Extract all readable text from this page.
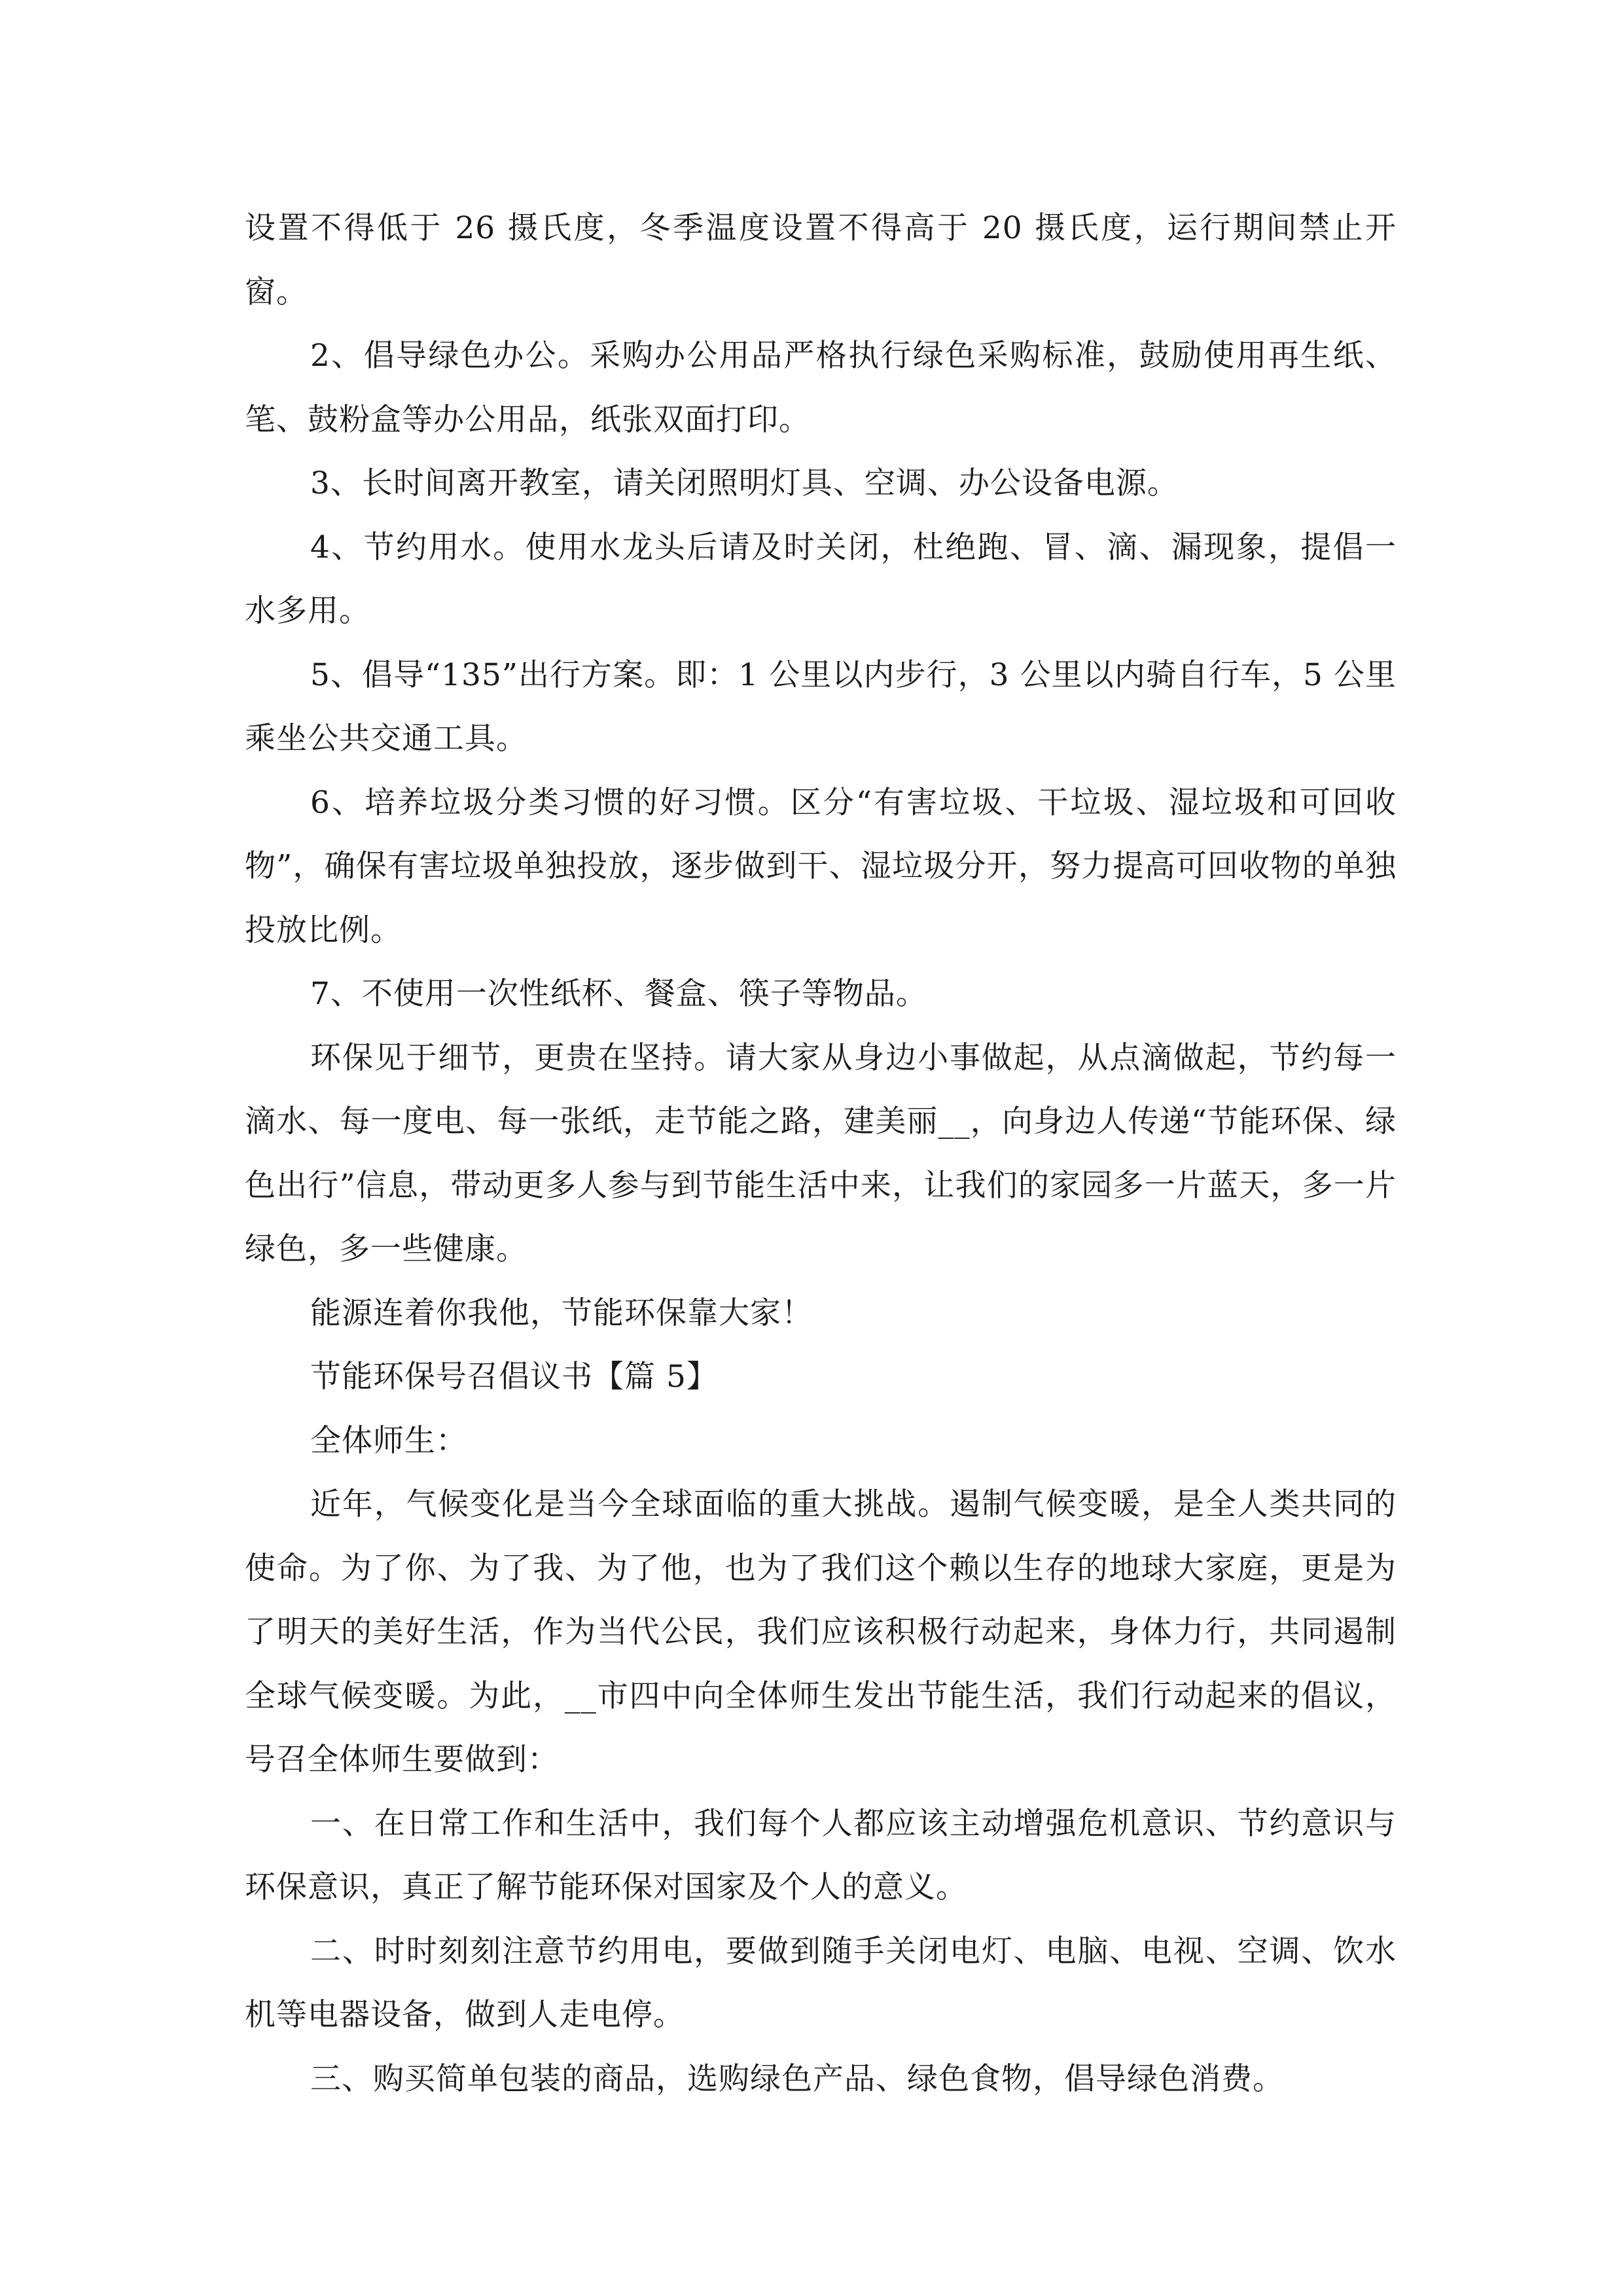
设置不得低于 26 摄氏度，冬季温度设置不得高于 20 摄氏度，运行期间禁止开窗。

2、倡导绿色办公。采购办公用品严格执行绿色采购标准，鼓励使用再生纸、笔、鼓粉盒等办公用品，纸张双面打印。

3、长时间离开教室，请关闭照明灯具、空调、办公设备电源。

4、节约用水。使用水龙头后请及时关闭，杜绝跑、冒、滴、漏现象，提倡一水多用。

5、倡导“135”出行方案。即：1 公里以内步行，3 公里以内骑自行车，5 公里乘坐公共交通工具。

6、培养垃圾分类习惯的好习惯。区分“有害垃圾、干垃圾、湿垃圾和可回收物”，确保有害垃圾单独投放，逐步做到干、湿垃圾分开，努力提高可回收物的单独投放比例。

7、不使用一次性纸杯、餐盒、筷子等物品。

环保见于细节，更贵在坚持。请大家从身边小事做起，从点滴做起，节约每一滴水、每一度电、每一张纸，走节能之路，建美丽__，向身边人传递“节能环保、绿色出行”信息，带动更多人参与到节能生活中来，让我们的家园多一片蓝天，多一片绿色，多一些健康。

能源连着你我他，节能环保靠大家！

节能环保号召倡议书【篇 5】

全体师生：

近年，气候变化是当今全球面临的重大挑战。遏制气候变暖，是全人类共同的使命。为了你、为了我、为了他，也为了我们这个赖以生存的地球大家庭，更是为了明天的美好生活，作为当代公民，我们应该积极行动起来，身体力行，共同遏制全球气候变暖。为此，__市四中向全体师生发出节能生活，我们行动起来的倡议，号召全体师生要做到：

一、在日常工作和生活中，我们每个人都应该主动增强危机意识、节约意识与环保意识，真正了解节能环保对国家及个人的意义。

二、时时刻刻注意节约用电，要做到随手关闭电灯、电脑、电视、空调、饮水机等电器设备，做到人走电停。

三、购买简单包装的商品，选购绿色产品、绿色食物，倡导绿色消费。
